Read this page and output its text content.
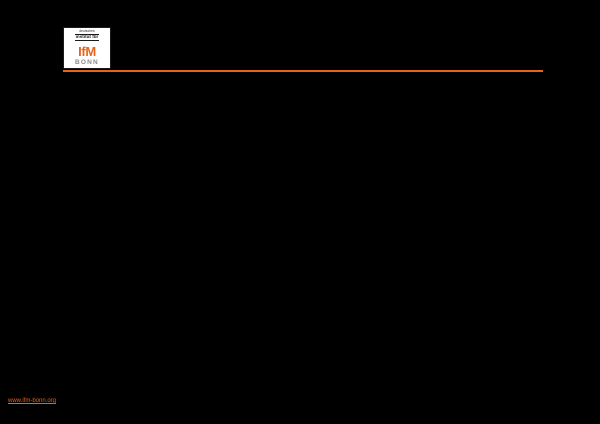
deutsches
institut für
IfM
BONN
www.ifm-bonn.org
